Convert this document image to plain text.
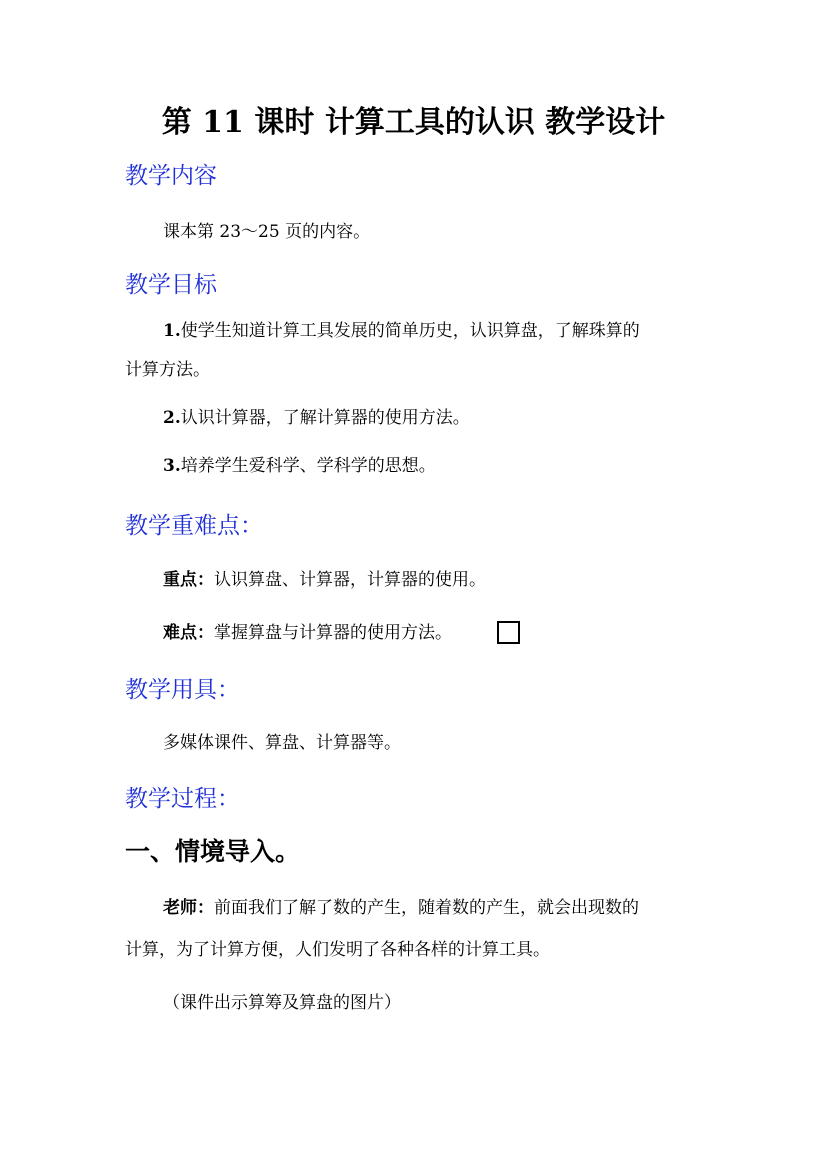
第 11 课时 计算工具的认识 教学设计
教学内容
课本第 23～25 页的内容。
教学目标
1.使学生知道计算工具发展的简单历史，认识算盘，了解珠算的
计算方法。
2.认识计算器，了解计算器的使用方法。
3.培养学生爱科学、学科学的思想。
教学重难点：
重点：认识算盘、计算器，计算器的使用。
难点：掌握算盘与计算器的使用方法。
教学用具：
多媒体课件、算盘、计算器等。
教学过程：
一、情境导入。
老师：前面我们了解了数的产生，随着数的产生，就会出现数的
计算，为了计算方便，人们发明了各种各样的计算工具。
（课件出示算筹及算盘的图片）
